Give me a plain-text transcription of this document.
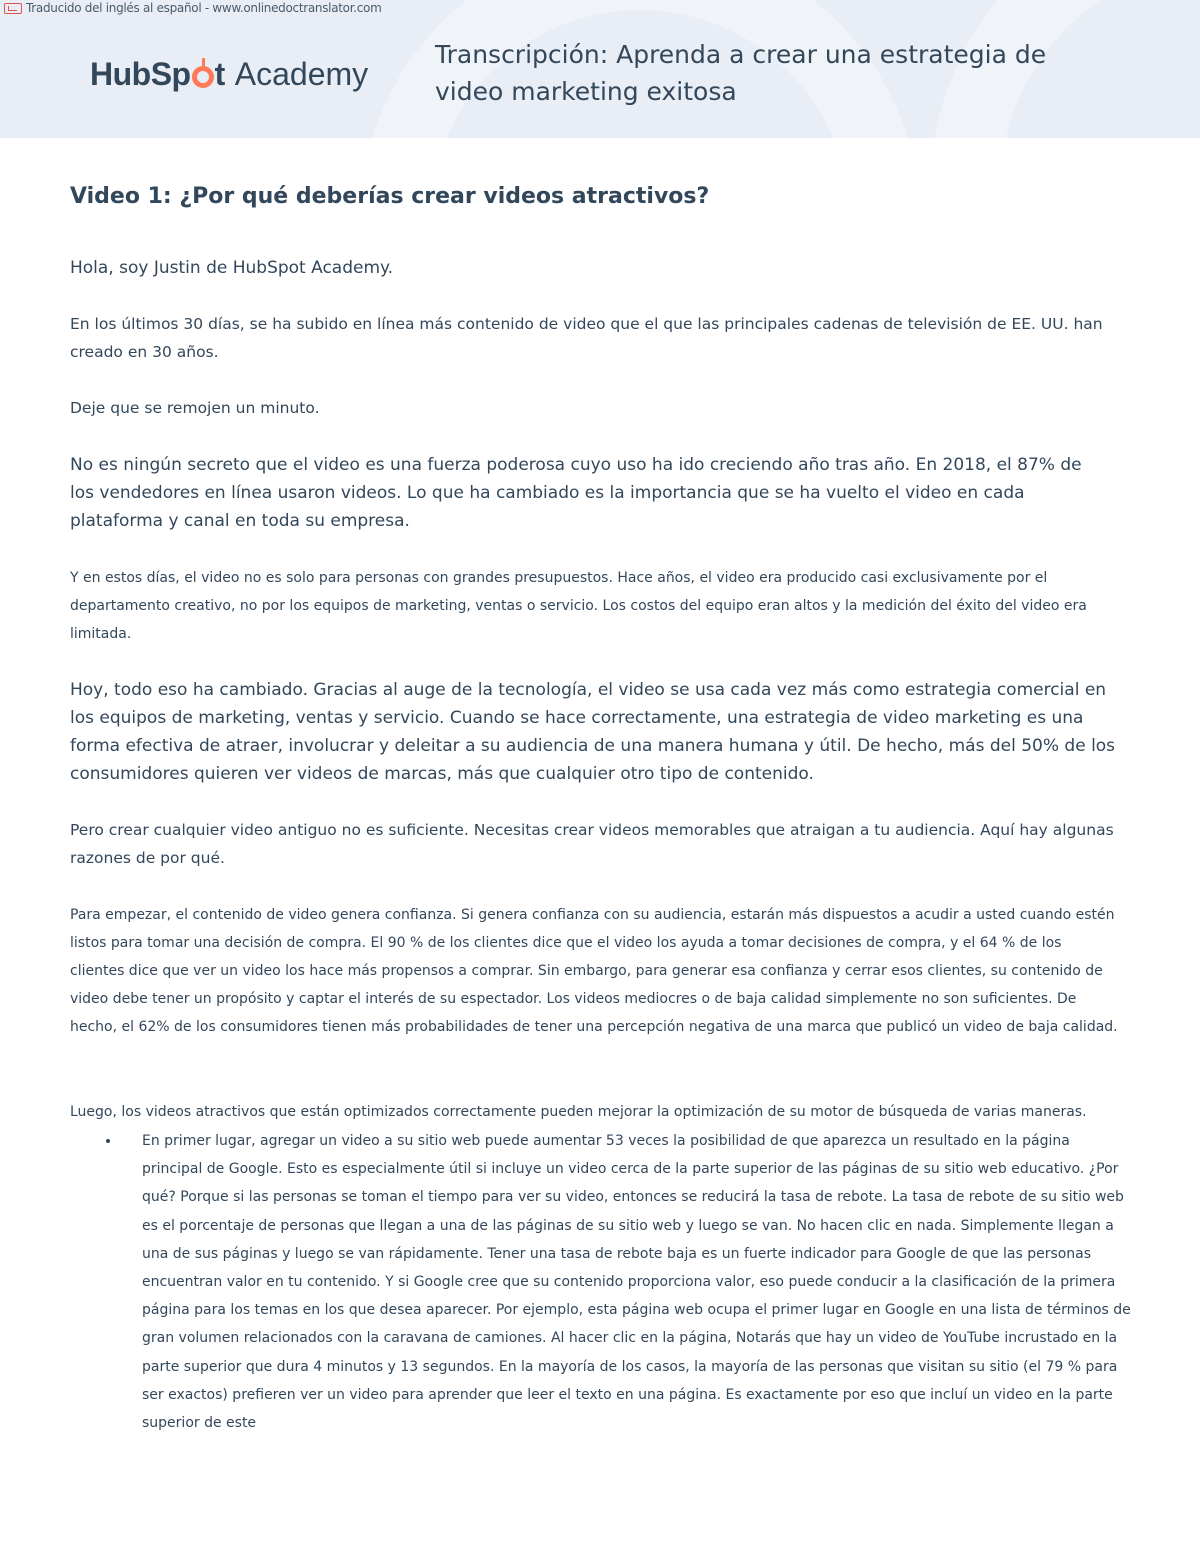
Traducido del inglés al español - www.onlinedoctranslator.com
HubSp t Academy
Transcripción: Aprenda a crear una estrategia de video marketing exitosa
Video 1: ¿Por qué deberías crear videos atractivos?

Hola, soy Justin de HubSpot Academy.

En los últimos 30 días, se ha subido en línea más contenido de video que el que las principales cadenas de televisión de EE. UU. han creado en 30 años.

Deje que se remojen un minuto.

No es ningún secreto que el video es una fuerza poderosa cuyo uso ha ido creciendo año tras año. En 2018, el 87% de los vendedores en línea usaron videos. Lo que ha cambiado es la importancia que se ha vuelto el video en cada plataforma y canal en toda su empresa.

Y en estos días, el video no es solo para personas con grandes presupuestos. Hace años, el video era producido casi exclusivamente por el departamento creativo, no por los equipos de marketing, ventas o servicio. Los costos del equipo eran altos y la medición del éxito del video era limitada.

Hoy, todo eso ha cambiado. Gracias al auge de la tecnología, el video se usa cada vez más como estrategia comercial en los equipos de marketing, ventas y servicio. Cuando se hace correctamente, una estrategia de video marketing es una forma efectiva de atraer, involucrar y deleitar a su audiencia de una manera humana y útil. De hecho, más del 50% de los consumidores quieren ver videos de marcas, más que cualquier otro tipo de contenido.

Pero crear cualquier video antiguo no es suficiente. Necesitas crear videos memorables que atraigan a tu audiencia. Aquí hay algunas razones de por qué.

Para empezar, el contenido de video genera confianza. Si genera confianza con su audiencia, estarán más dispuestos a acudir a usted cuando estén listos para tomar una decisión de compra. El 90 % de los clientes dice que el video los ayuda a tomar decisiones de compra, y el 64 % de los clientes dice que ver un video los hace más propensos a comprar. Sin embargo, para generar esa confianza y cerrar esos clientes, su contenido de video debe tener un propósito y captar el interés de su espectador. Los videos mediocres o de baja calidad simplemente no son suficientes. De hecho, el 62% de los consumidores tienen más probabilidades de tener una percepción negativa de una marca que publicó un video de baja calidad.

Luego, los videos atractivos que están optimizados correctamente pueden mejorar la optimización de su motor de búsqueda de varias maneras.

En primer lugar, agregar un video a su sitio web puede aumentar 53 veces la posibilidad de que aparezca un resultado en la página principal de Google. Esto es especialmente útil si incluye un video cerca de la parte superior de las páginas de su sitio web educativo. ¿Por qué? Porque si las personas se toman el tiempo para ver su video, entonces se reducirá la tasa de rebote. La tasa de rebote de su sitio web es el porcentaje de personas que llegan a una de las páginas de su sitio web y luego se van. No hacen clic en nada. Simplemente llegan a una de sus páginas y luego se van rápidamente. Tener una tasa de rebote baja es un fuerte indicador para Google de que las personas encuentran valor en tu contenido. Y si Google cree que su contenido proporciona valor, eso puede conducir a la clasificación de la primera página para los temas en los que desea aparecer. Por ejemplo, esta página web ocupa el primer lugar en Google en una lista de términos de gran volumen relacionados con la caravana de camiones. Al hacer clic en la página, Notarás que hay un video de YouTube incrustado en la parte superior que dura 4 minutos y 13 segundos. En la mayoría de los casos, la mayoría de las personas que visitan su sitio (el 79 % para ser exactos) prefieren ver un video para aprender que leer el texto en una página. Es exactamente por eso que incluí un video en la parte superior de este
